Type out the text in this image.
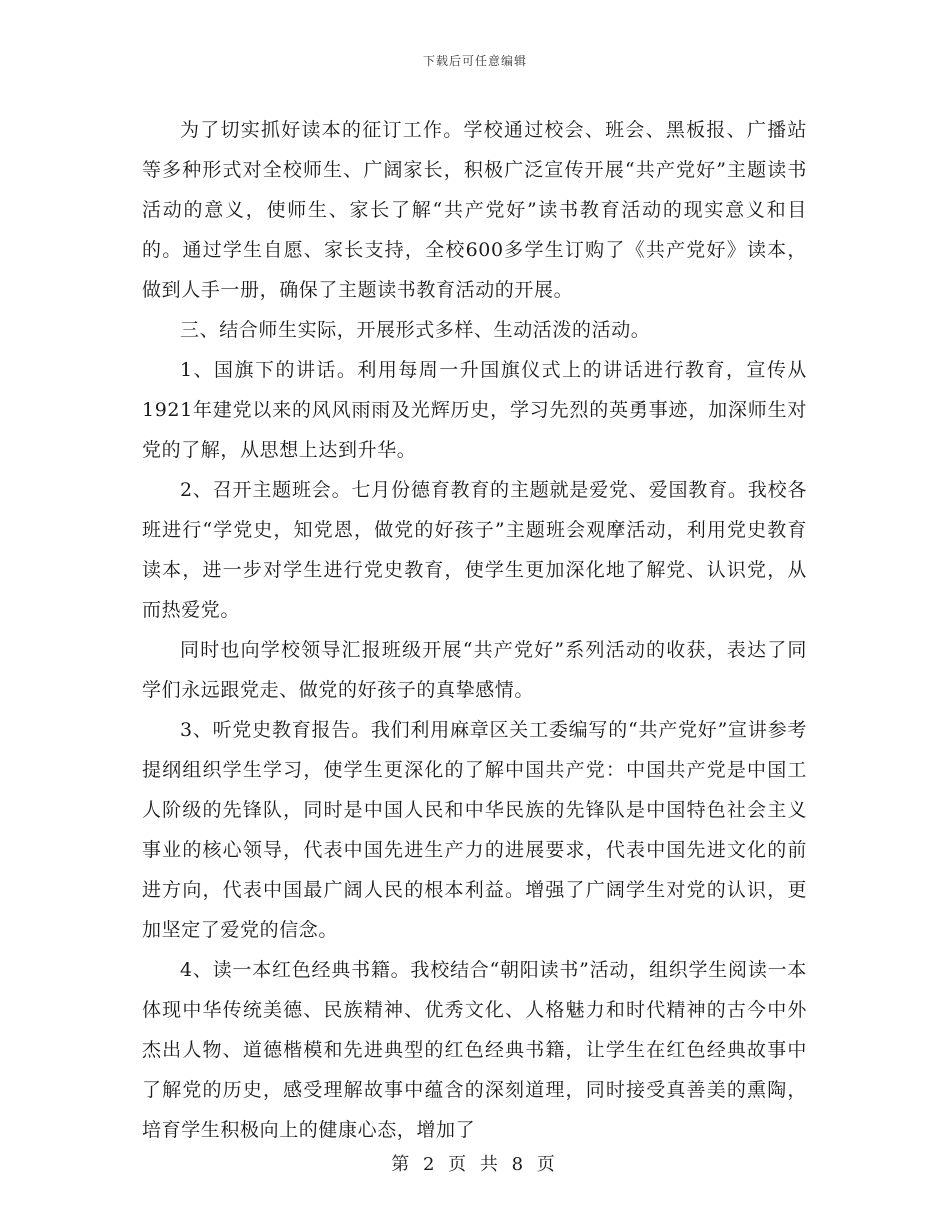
下载后可任意编辑

为了切实抓好读本的征订工作。学校通过校会、班会、黑板报、广播站等多种形式对全校师生、广阔家长，积极广泛宣传开展“共产党好”主题读书活动的意义，使师生、家长了解“共产党好”读书教育活动的现实意义和目的。通过学生自愿、家长支持，全校600多学生订购了《共产党好》读本，做到人手一册，确保了主题读书教育活动的开展。

三、结合师生实际，开展形式多样、生动活泼的活动。

1、国旗下的讲话。利用每周一升国旗仪式上的讲话进行教育，宣传从1921年建党以来的风风雨雨及光辉历史，学习先烈的英勇事迹，加深师生对党的了解，从思想上达到升华。

2、召开主题班会。七月份德育教育的主题就是爱党、爱国教育。我校各班进行“学党史，知党恩，做党的好孩子”主题班会观摩活动，利用党史教育读本，进一步对学生进行党史教育，使学生更加深化地了解党、认识党，从而热爱党。

同时也向学校领导汇报班级开展“共产党好”系列活动的收获，表达了同学们永远跟党走、做党的好孩子的真挚感情。

3、听党史教育报告。我们利用麻章区关工委编写的“共产党好”宣讲参考提纲组织学生学习，使学生更深化的了解中国共产党：中国共产党是中国工人阶级的先锋队，同时是中国人民和中华民族的先锋队是中国特色社会主义事业的核心领导，代表中国先进生产力的进展要求，代表中国先进文化的前进方向，代表中国最广阔人民的根本利益。增强了广阔学生对党的认识，更加坚定了爱党的信念。

4、读一本红色经典书籍。我校结合“朝阳读书”活动，组织学生阅读一本体现中华传统美德、民族精神、优秀文化、人格魅力和时代精神的古今中外杰出人物、道德楷模和先进典型的红色经典书籍，让学生在红色经典故事中了解党的历史，感受理解故事中蕴含的深刻道理，同时接受真善美的熏陶，培育学生积极向上的健康心态，增加了

第 2 页 共 8 页
